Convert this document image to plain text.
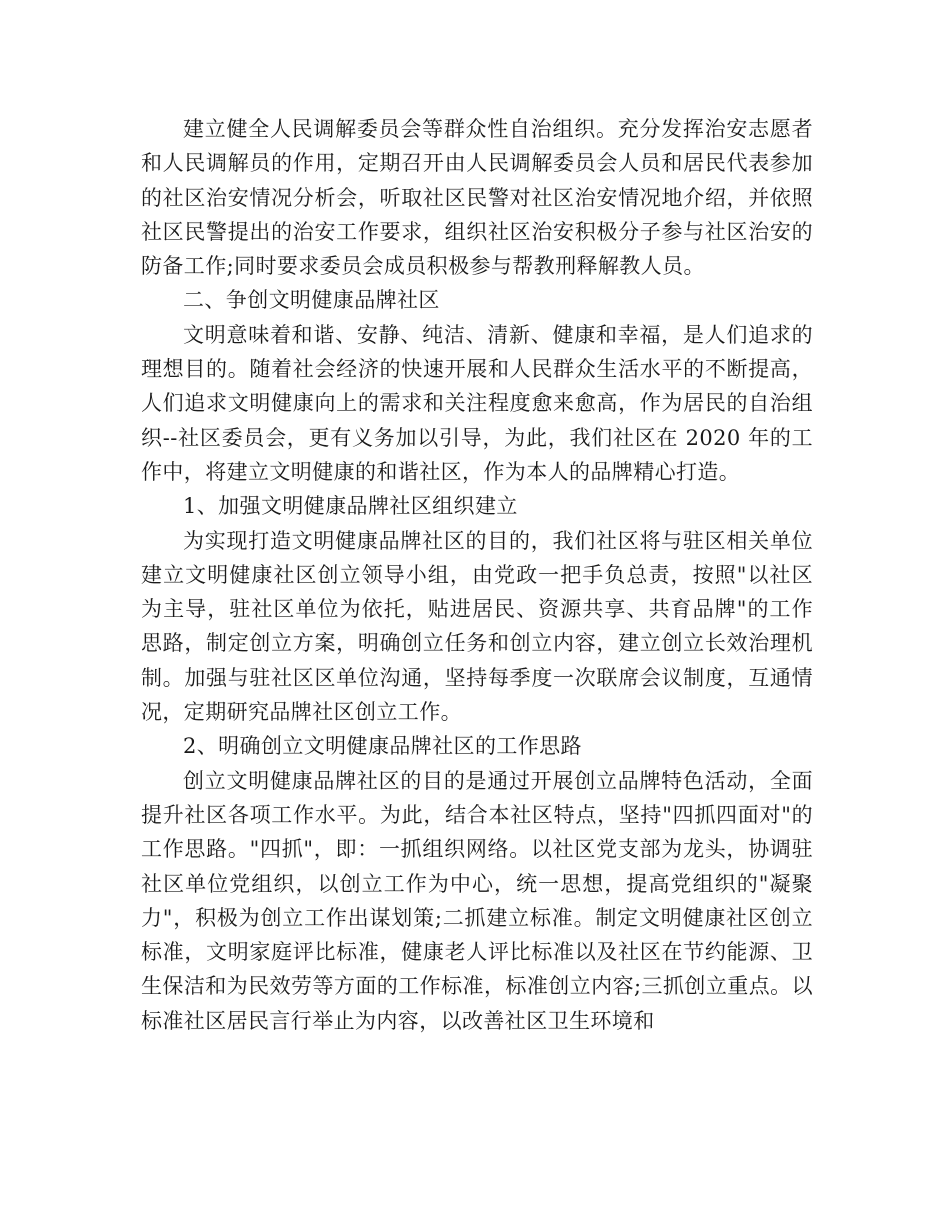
建立健全人民调解委员会等群众性自治组织。充分发挥治安志愿者和人民调解员的作用，定期召开由人民调解委员会人员和居民代表参加的社区治安情况分析会，听取社区民警对社区治安情况地介绍，并依照社区民警提出的治安工作要求，组织社区治安积极分子参与社区治安的防备工作;同时要求委员会成员积极参与帮教刑释解教人员。

二、争创文明健康品牌社区

文明意味着和谐、安静、纯洁、清新、健康和幸福，是人们追求的理想目的。随着社会经济的快速开展和人民群众生活水平的不断提高，人们追求文明健康向上的需求和关注程度愈来愈高，作为居民的自治组织--社区委员会，更有义务加以引导，为此，我们社区在 2020 年的工作中，将建立文明健康的和谐社区，作为本人的品牌精心打造。

1、加强文明健康品牌社区组织建立

为实现打造文明健康品牌社区的目的，我们社区将与驻区相关单位建立文明健康社区创立领导小组，由党政一把手负总责，按照"以社区为主导，驻社区单位为依托，贴进居民、资源共享、共育品牌"的工作思路，制定创立方案，明确创立任务和创立内容，建立创立长效治理机制。加强与驻社区区单位沟通，坚持每季度一次联席会议制度，互通情况，定期研究品牌社区创立工作。

2、明确创立文明健康品牌社区的工作思路

创立文明健康品牌社区的目的是通过开展创立品牌特色活动，全面提升社区各项工作水平。为此，结合本社区特点，坚持"四抓四面对"的工作思路。"四抓"，即：一抓组织网络。以社区党支部为龙头，协调驻社区单位党组织，以创立工作为中心，统一思想，提高党组织的"凝聚力"，积极为创立工作出谋划策;二抓建立标准。制定文明健康社区创立标准，文明家庭评比标准，健康老人评比标准以及社区在节约能源、卫生保洁和为民效劳等方面的工作标准，标准创立内容;三抓创立重点。以标准社区居民言行举止为内容，以改善社区卫生环境和
